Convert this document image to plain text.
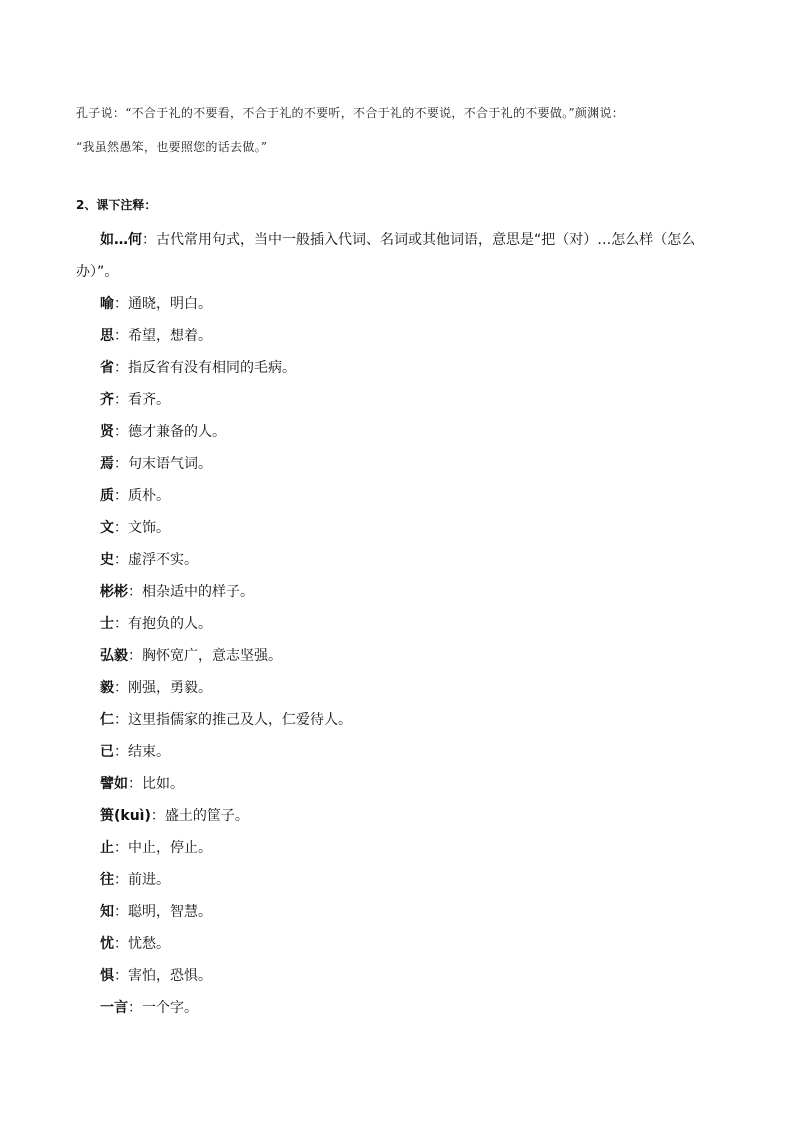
孔子说：“不合于礼的不要看，不合于礼的不要听，不合于礼的不要说，不合于礼的不要做。”颜渊说：
“我虽然愚笨，也要照您的话去做。”
2、课下注释：

如…何：古代常用句式，当中一般插入代词、名词或其他词语，意思是“把（对）…怎么样（怎么办）”。

喻：通晓，明白。
思：希望，想着。
省：指反省有没有相同的毛病。
齐：看齐。
贤：德才兼备的人。
焉：句末语气词。
质：质朴。
文：文饰。
史：虚浮不实。
彬彬：相杂适中的样子。
士：有抱负的人。
弘毅：胸怀宽广，意志坚强。
毅：刚强，勇毅。
仁：这里指儒家的推己及人，仁爱待人。
已：结束。
譬如：比如。
篑(kuì)：盛土的筐子。
止：中止，停止。
往：前进。
知：聪明，智慧。
忧：忧愁。
惧：害怕，恐惧。
一言：一个字。
